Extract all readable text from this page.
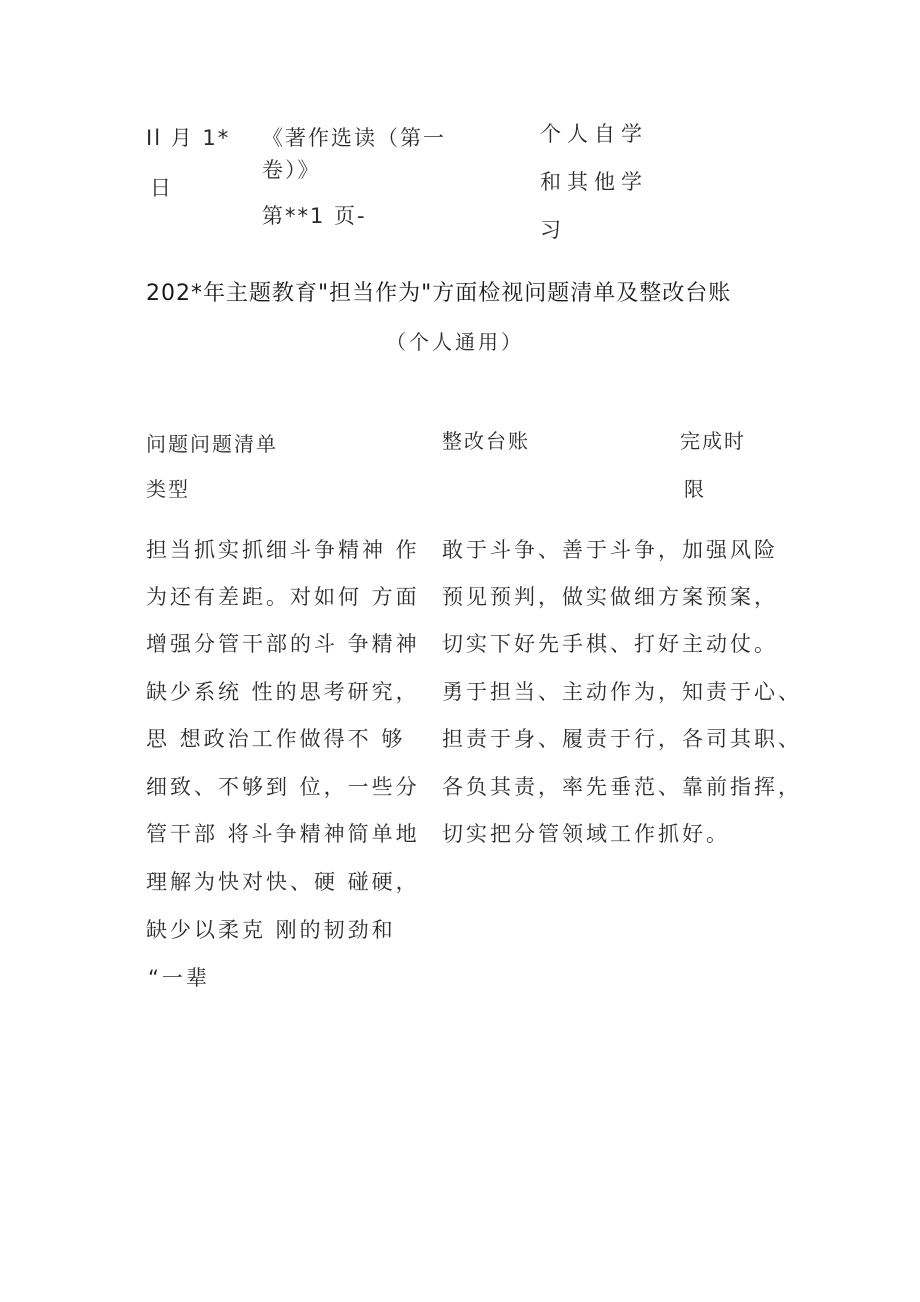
Il 月 1*
日
《著作选读（第一
卷）》
第**1 页-
个人自学
和其他学
习
202*年主题教育"担当作为"方面检视问题清单及整改台账
（个人通用）
问题问题清单
类型
整改台账	完成时
限
担当抓实抓细斗争精神 作
为还有差距。对如何 方面
增强分管干部的斗 争精神
缺少系统 性的思考研究，
思 想政治工作做得不 够
细致、不够到 位，一些分
管干部 将斗争精神简单地
理解为快对快、硬 碰硬，
缺少以柔克 刚的韧劲和
“一辈
敢于斗争、善于斗争，加强风险
预见预判，做实做细方案预案，
切实下好先手棋、打好主动仗。
勇于担当、主动作为，知责于心、
担责于身、履责于行，各司其职、
各负其责，率先垂范、靠前指挥，
切实把分管领域工作抓好。
